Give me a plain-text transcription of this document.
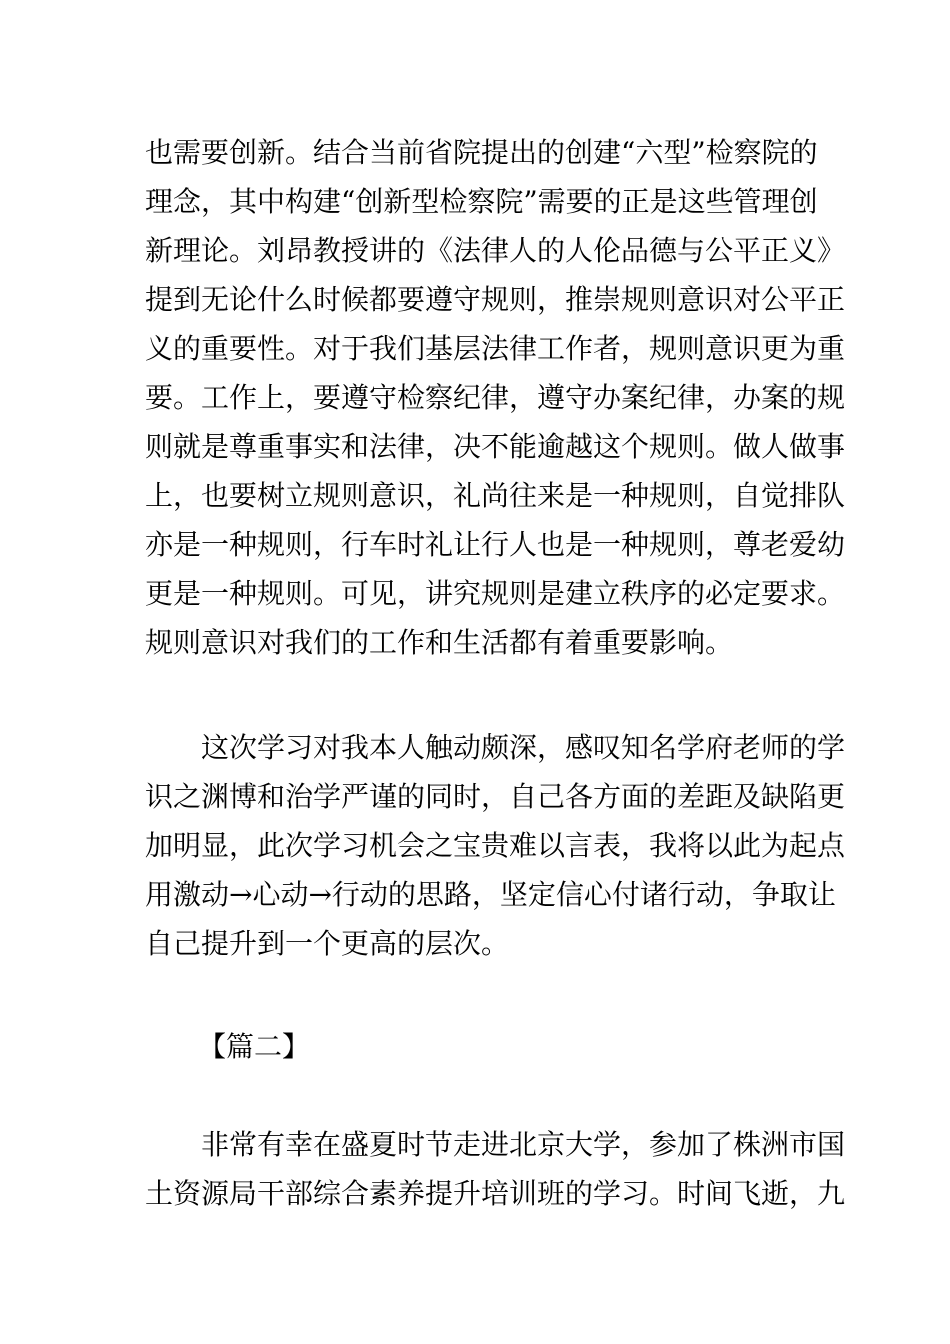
也需要创新。结合当前省院提出的创建“六型”检察院的
理念，其中构建“创新型检察院”需要的正是这些管理创
新理论。刘昂教授讲的《法律人的人伦品德与公平正义》
提到无论什么时候都要遵守规则，推崇规则意识对公平正
义的重要性。对于我们基层法律工作者，规则意识更为重
要。工作上，要遵守检察纪律，遵守办案纪律，办案的规
则就是尊重事实和法律，决不能逾越这个规则。做人做事
上，也要树立规则意识，礼尚往来是一种规则，自觉排队
亦是一种规则，行车时礼让行人也是一种规则，尊老爱幼
更是一种规则。可见，讲究规则是建立秩序的必定要求。
规则意识对我们的工作和生活都有着重要影响。
这次学习对我本人触动颇深，感叹知名学府老师的学
识之渊博和治学严谨的同时，自己各方面的差距及缺陷更
加明显，此次学习机会之宝贵难以言表，我将以此为起点
用激动→心动→行动的思路，坚定信心付诸行动，争取让
自己提升到一个更高的层次。
【篇二】
非常有幸在盛夏时节走进北京大学，参加了株洲市国
土资源局干部综合素养提升培训班的学习。时间飞逝，九
